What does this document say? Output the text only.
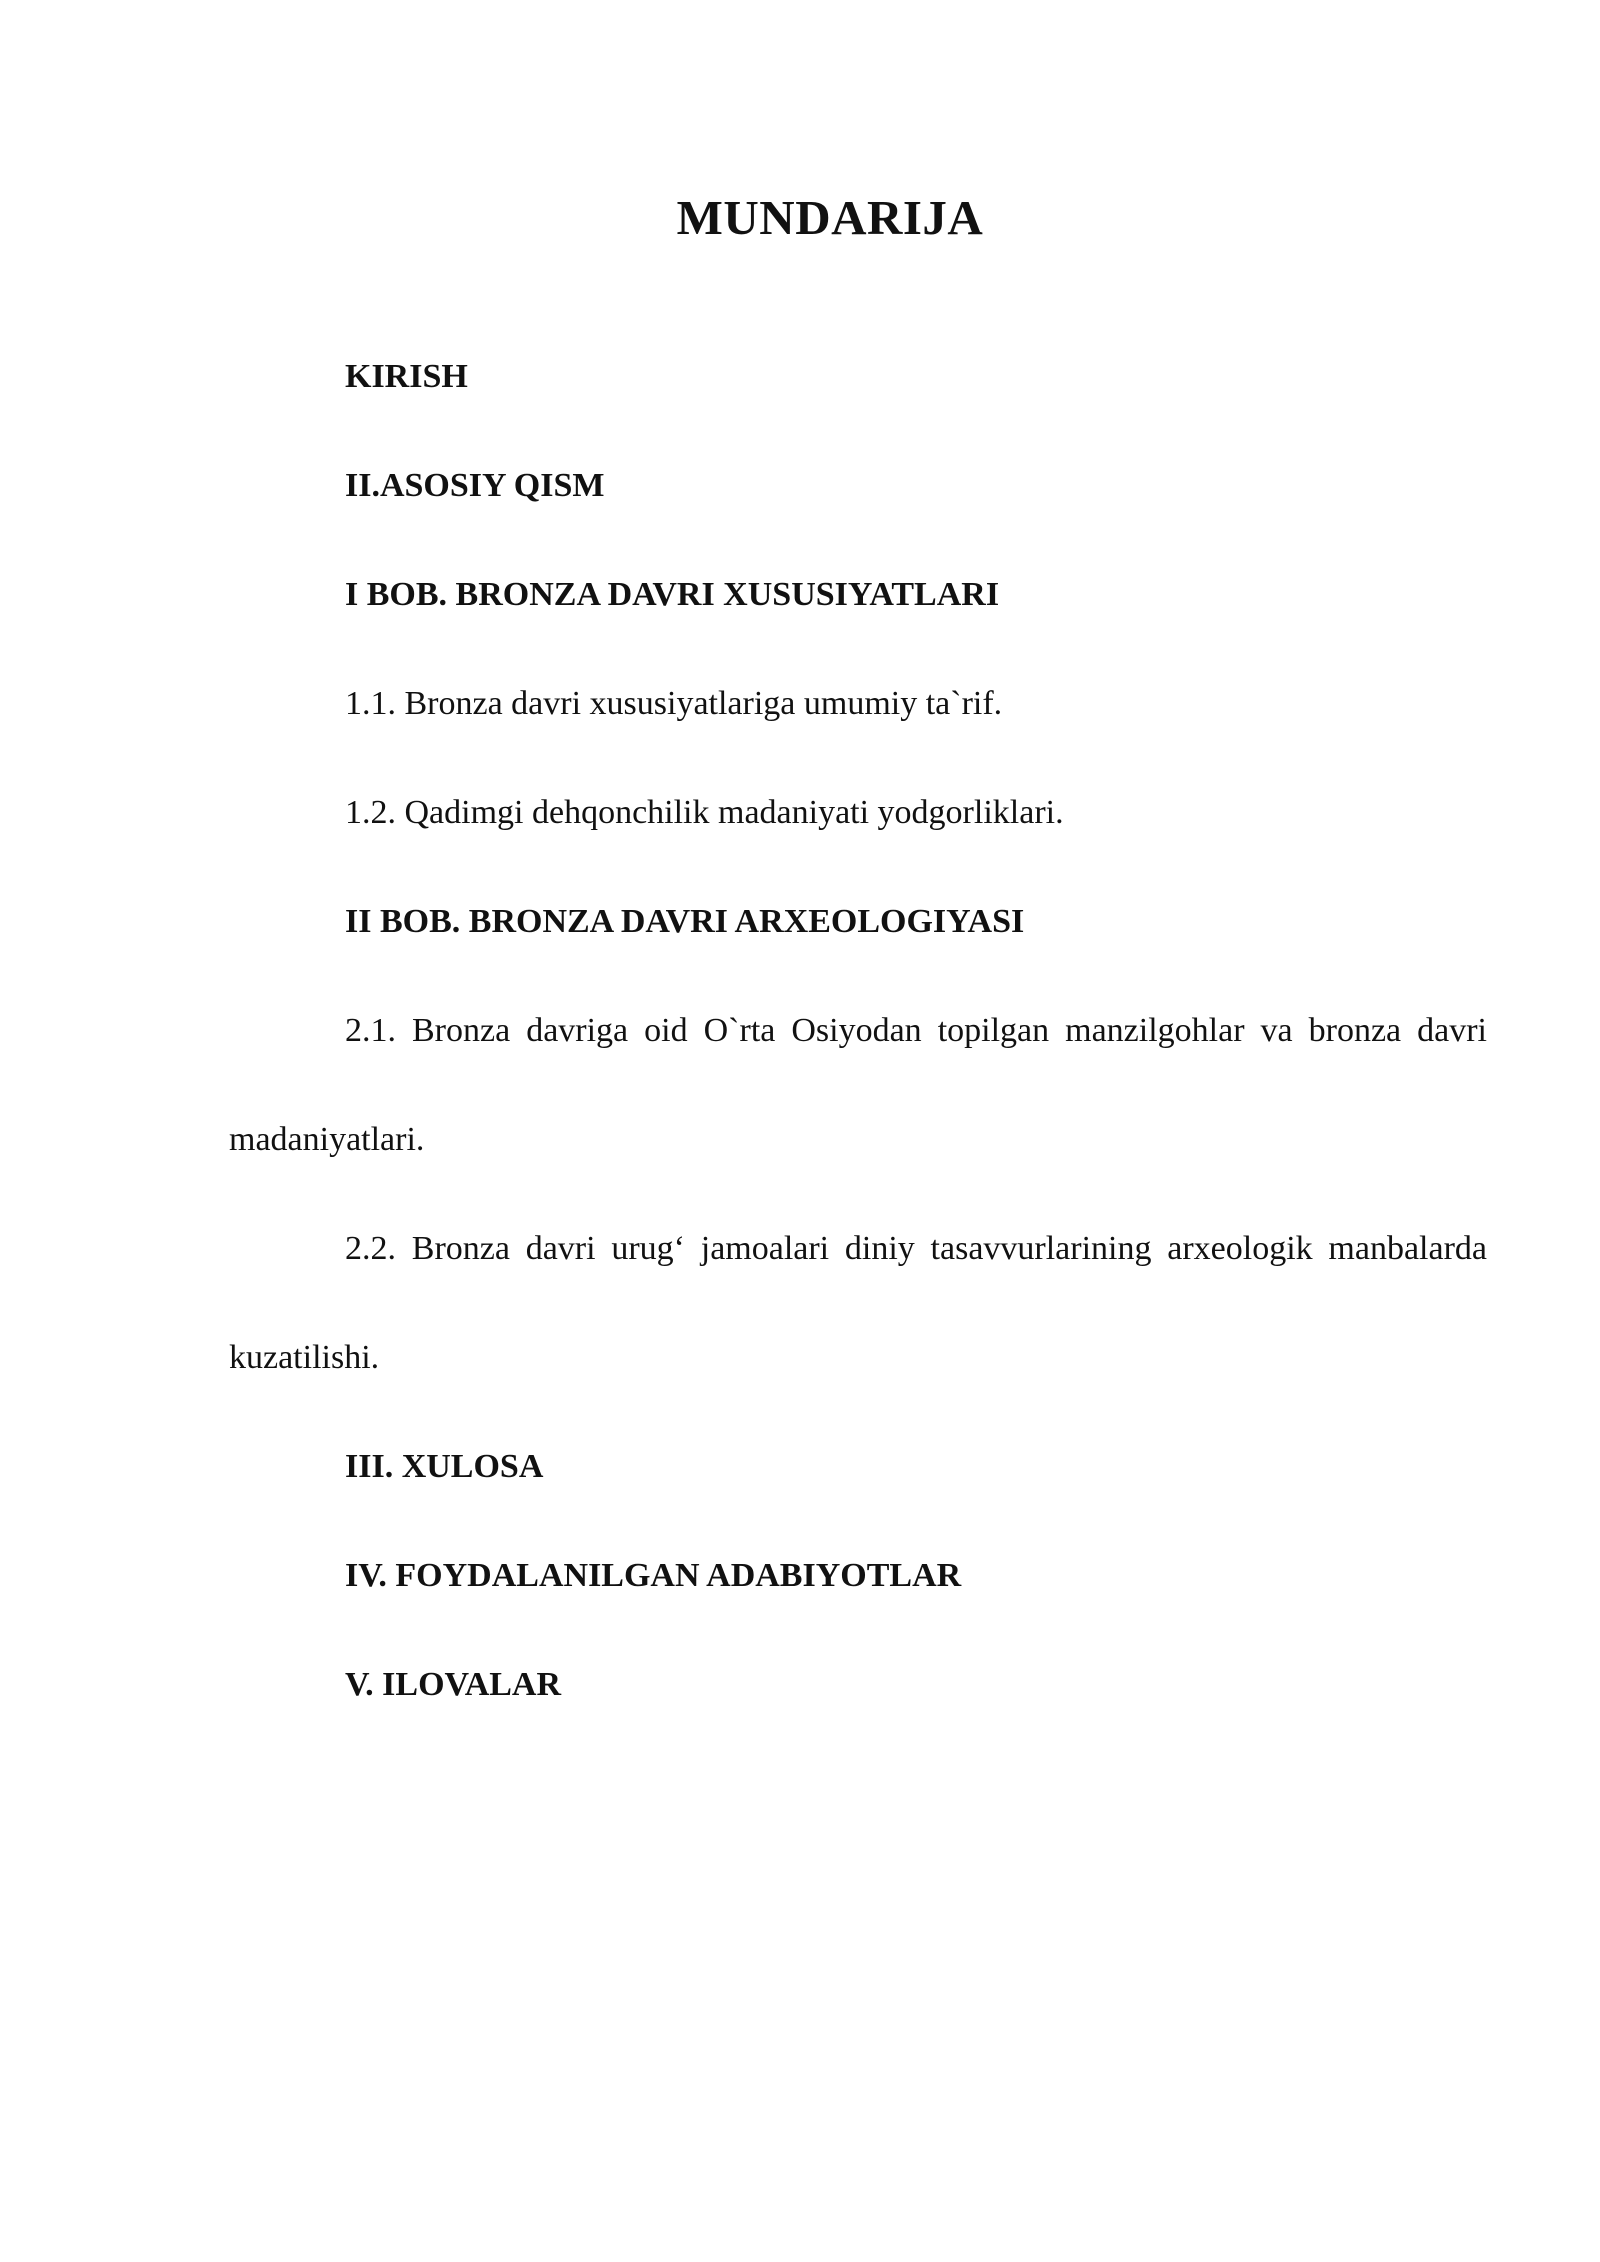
MUNDARIJA

KIRISH

II.ASOSIY QISM

I BOB. BRONZA DAVRI XUSUSIYATLARI

1.1. Bronza davri xususiyatlariga umumiy ta`rif.

1.2. Qadimgi dehqonchilik madaniyati yodgorliklari.

II BOB. BRONZA DAVRI ARXEOLOGIYASI

2.1. Bronza davriga oid O`rta Osiyodan topilgan manzilgohlar va bronza davri madaniyatlari.

2.2. Bronza davri urug‘ jamoalari diniy tasavvurlarining arxeologik manbalarda kuzatilishi.

III. XULOSA

IV. FOYDALANILGAN ADABIYOTLAR

V. ILOVALAR
